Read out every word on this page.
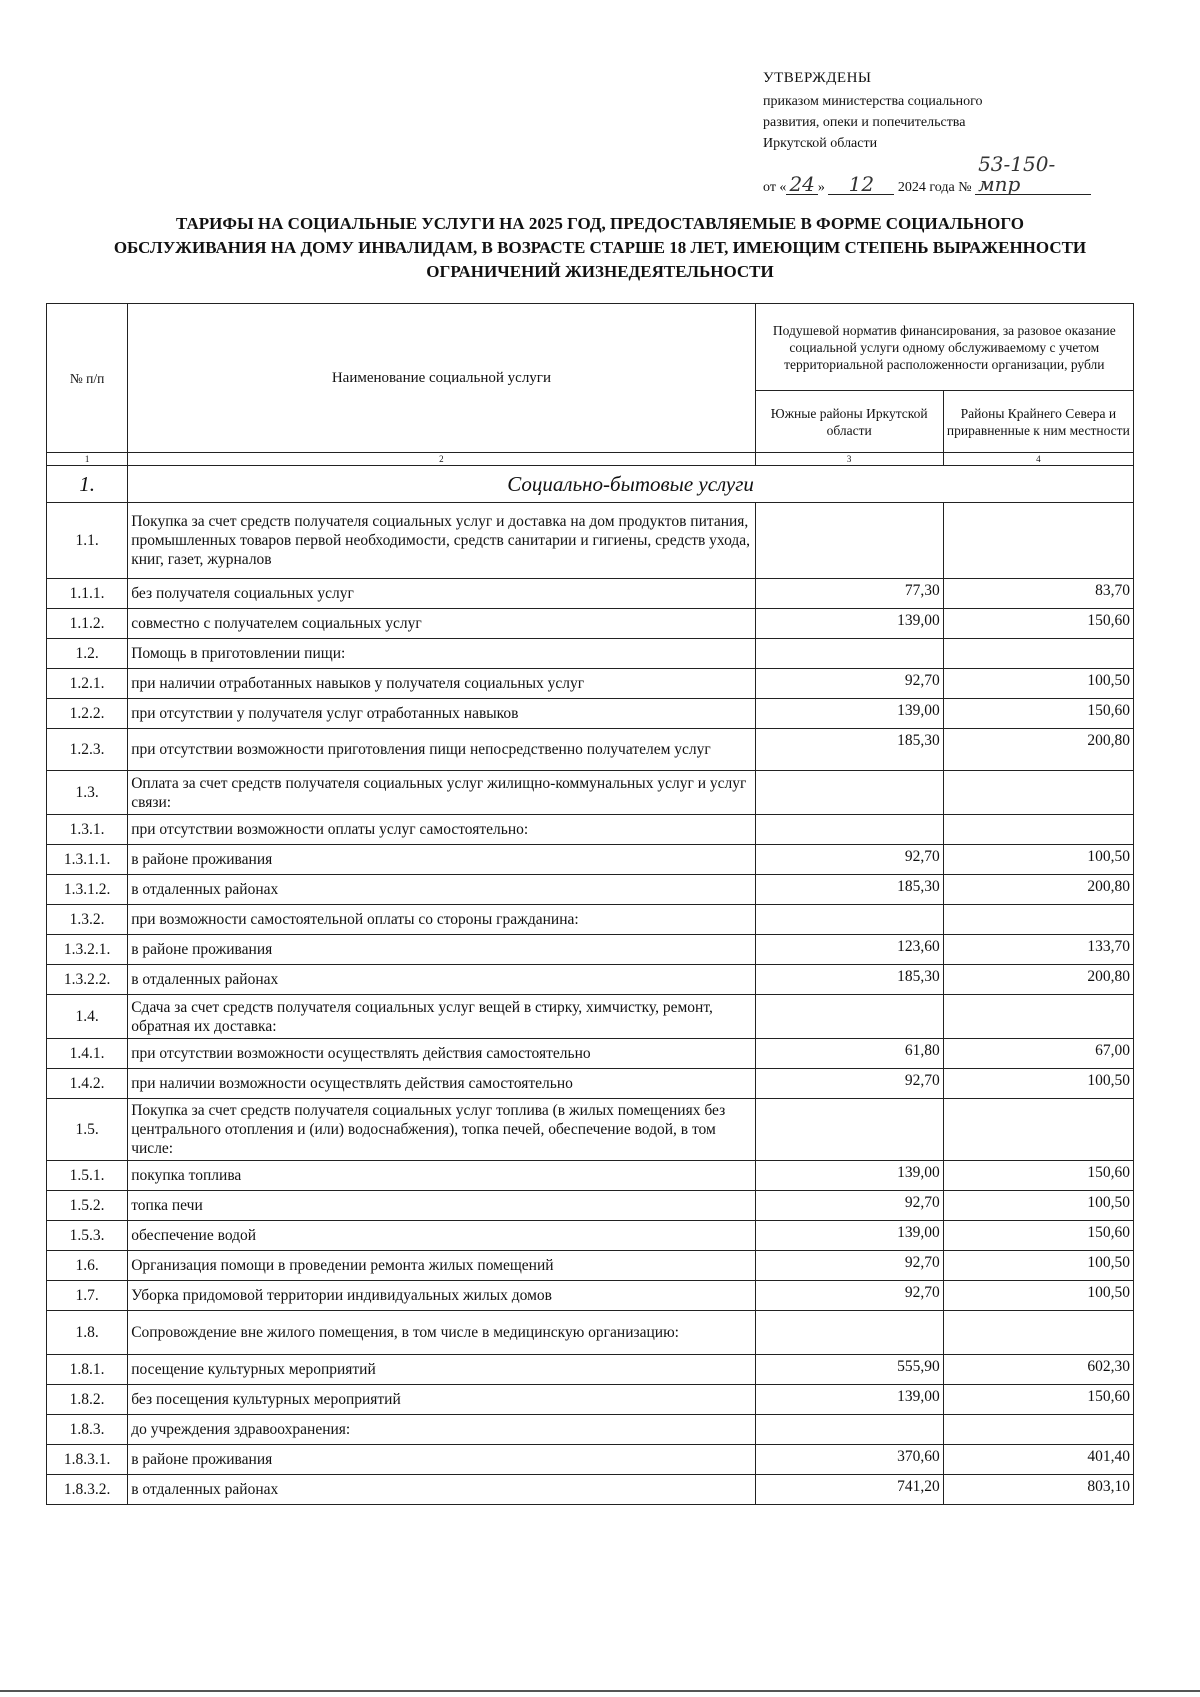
УТВЕРЖДЕНЫ
приказом министерства социального
развития, опеки и попечительства
Иркутской области
от « 24 » 12 2024 года № 53-150-мпр
ТАРИФЫ НА СОЦИАЛЬНЫЕ УСЛУГИ НА 2025 ГОД, ПРЕДОСТАВЛЯЕМЫЕ В ФОРМЕ СОЦИАЛЬНОГО ОБСЛУЖИВАНИЯ НА ДОМУ ИНВАЛИДАМ, В ВОЗРАСТЕ СТАРШЕ 18 ЛЕТ, ИМЕЮЩИМ СТЕПЕНЬ ВЫРАЖЕННОСТИ ОГРАНИЧЕНИЙ ЖИЗНЕДЕЯТЕЛЬНОСТИ
№ п/п	Наименование социальной услуги	Подушевой норматив финансирования, за разовое оказание социальной услуги одному обслуживаемому с учетом территориальной расположенности организации, рубли	
		Южные районы Иркутской области	Районы Крайнего Севера и приравненные к ним местности
1	2	3	4
1.	Социально-бытовые услуги		
1.1.	Покупка за счет средств получателя социальных услуг и доставка на дом продуктов питания, промышленных товаров первой необходимости, средств санитарии и гигиены, средств ухода, книг, газет, журналов		
1.1.1.	без получателя социальных услуг	77,30	83,70
1.1.2.	совместно с получателем социальных услуг	139,00	150,60
1.2.	Помощь в приготовлении пищи:		
1.2.1.	при наличии отработанных навыков у получателя социальных услуг	92,70	100,50
1.2.2.	при отсутствии у получателя услуг отработанных навыков	139,00	150,60
1.2.3.	при отсутствии возможности приготовления пищи непосредственно получателем услуг	185,30	200,80
1.3.	Оплата за счет средств получателя социальных услуг жилищно-коммунальных услуг и услуг связи:		
1.3.1.	при отсутствии возможности оплаты услуг самостоятельно:		
1.3.1.1.	в районе проживания	92,70	100,50
1.3.1.2.	в отдаленных районах	185,30	200,80
1.3.2.	при возможности самостоятельной оплаты со стороны гражданина:		
1.3.2.1.	в районе проживания	123,60	133,70
1.3.2.2.	в отдаленных районах	185,30	200,80
1.4.	Сдача за счет средств получателя социальных услуг вещей в стирку, химчистку, ремонт, обратная их доставка:		
1.4.1.	при отсутствии возможности осуществлять действия самостоятельно	61,80	67,00
1.4.2.	при наличии возможности осуществлять действия самостоятельно	92,70	100,50
1.5.	Покупка за счет средств получателя социальных услуг топлива (в жилых помещениях без центрального отопления и (или) водоснабжения), топка печей, обеспечение водой, в том числе:		
1.5.1.	покупка топлива	139,00	150,60
1.5.2.	топка печи	92,70	100,50
1.5.3.	обеспечение водой	139,00	150,60
1.6.	Организация помощи в проведении ремонта жилых помещений	92,70	100,50
1.7.	Уборка придомовой территории индивидуальных жилых домов	92,70	100,50
1.8.	Сопровождение вне жилого помещения, в том числе в медицинскую организацию:		
1.8.1.	посещение культурных мероприятий	555,90	602,30
1.8.2.	без посещения культурных мероприятий	139,00	150,60
1.8.3.	до учреждения здравоохранения:		
1.8.3.1.	в районе проживания	370,60	401,40
1.8.3.2.	в отдаленных районах	741,20	803,10
